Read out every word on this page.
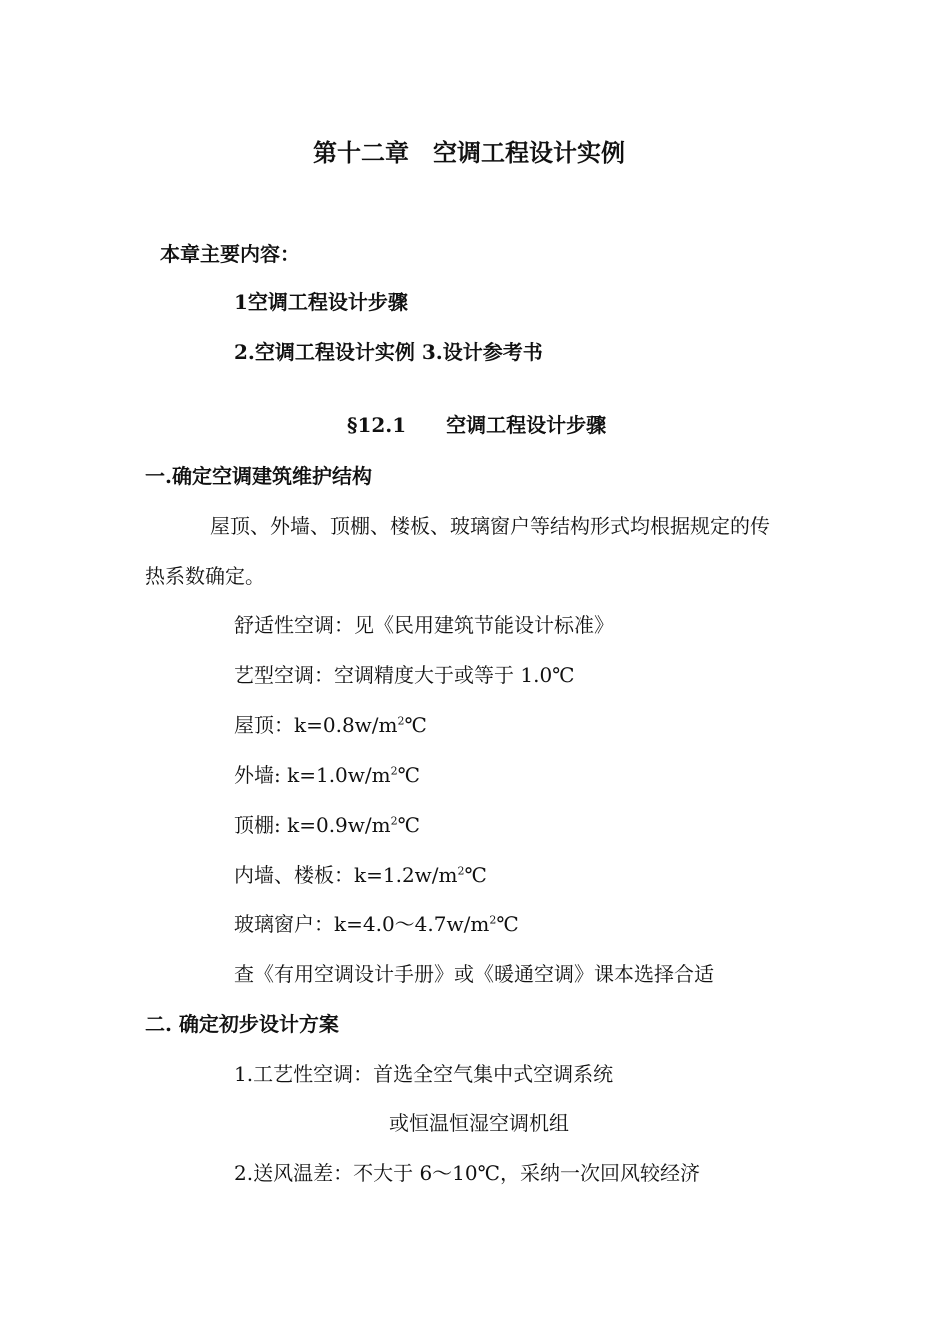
第十二章　空调工程设计实例
本章主要内容：
1空调工程设计步骤
2.空调工程设计实例 3.设计参考书
§12.1　　空调工程设计步骤
一.确定空调建筑维护结构
屋顶、外墙、顶棚、楼板、玻璃窗户等结构形式均根据规定的传
热系数确定。
舒适性空调：见《民用建筑节能设计标准》
艺型空调：空调精度大于或等于 1.0℃
屋顶：$k=0.8w/m^2℃$
外墙: $k=1.0w/m^2℃$
顶棚: $k=0.9w/m^2℃$
内墙、楼板：$k=1.2w/m^2℃$
玻璃窗户：$k=4.0\sim 4.7w/m^2℃$
查《有用空调设计手册》或《暖通空调》课本选择合适
二. 确定初步设计方案
1.工艺性空调：首选全空气集中式空调系统
或恒温恒湿空调机组
2.送风温差：不大于 6～10℃，采纳一次回风较经济
